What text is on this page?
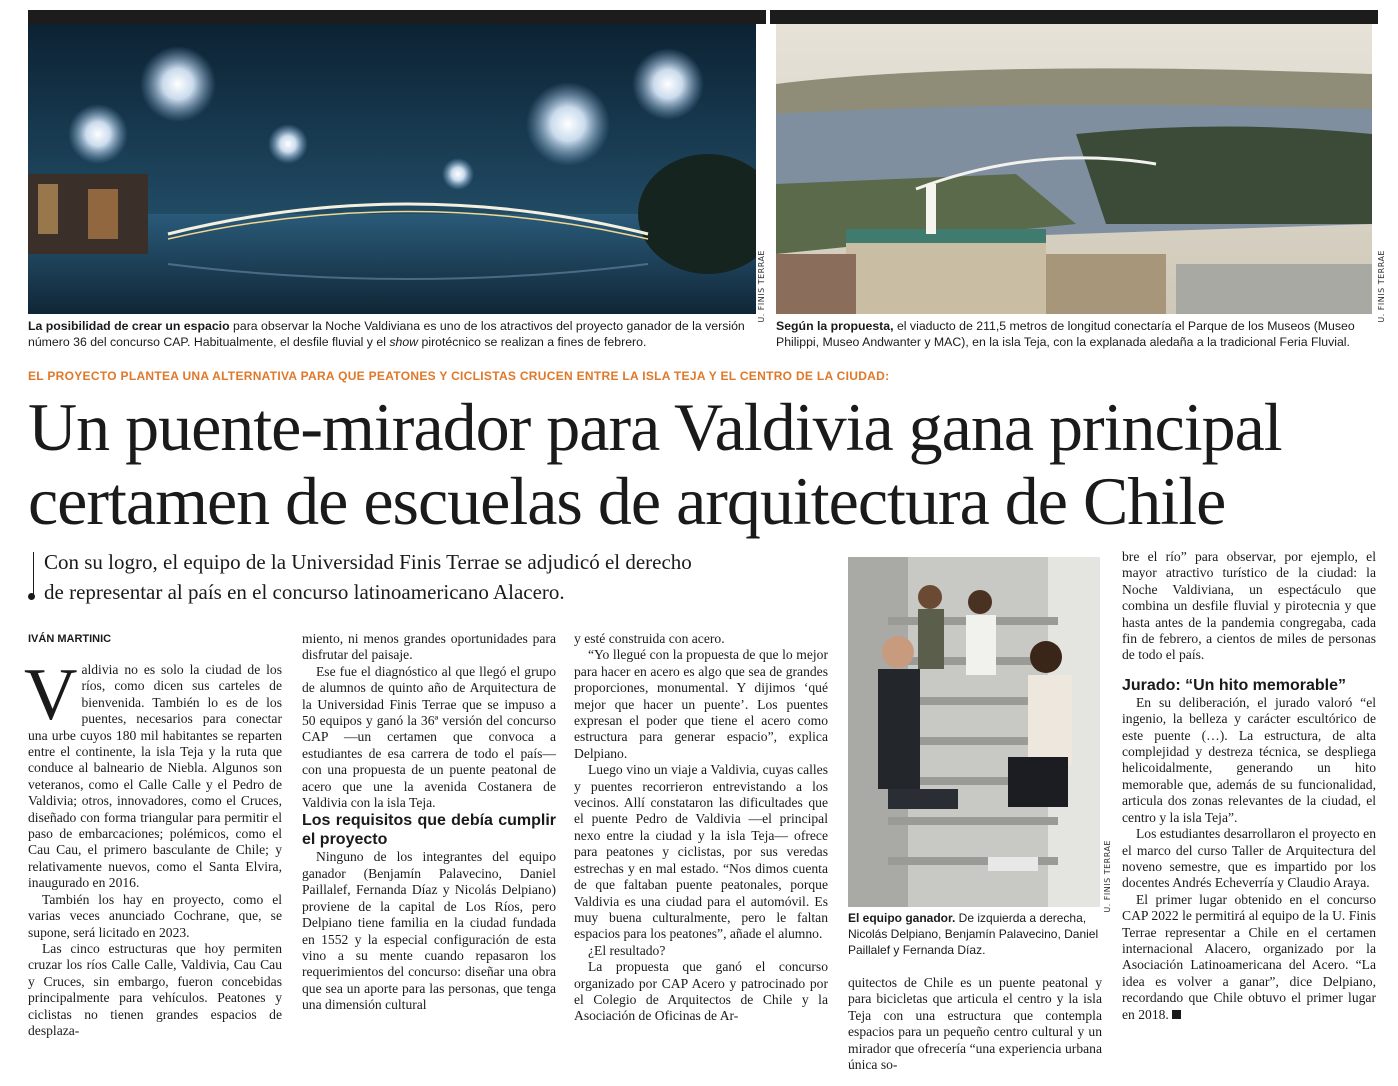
U. FINIS TERRAE	U. FINIS TERRAE
La posibilidad de crear un espacio para observar la Noche Valdiviana es uno de los atractivos del proyecto ganador de la versión número 36 del concurso CAP. Habitualmente, el desfile fluvial y el show pirotécnico se realizan a fines de febrero.
Según la propuesta, el viaducto de 211,5 metros de longitud conectaría el Parque de los Museos (Museo Philippi, Museo Andwanter y MAC), en la isla Teja, con la explanada aledaña a la tradicional Feria Fluvial.
EL PROYECTO PLANTEA UNA ALTERNATIVA PARA QUE PEATONES Y CICLISTAS CRUCEN ENTRE LA ISLA TEJA Y EL CENTRO DE LA CIUDAD:
Un puente-mirador para Valdivia gana principal
certamen de escuelas de arquitectura de Chile
Con su logro, el equipo de la Universidad Finis Terrae se adjudicó el derecho
de representar al país en el concurso latinoamericano Alacero.
IVÁN MARTINIC

Valdivia no es solo la ciudad de los ríos, como dicen sus carteles de bienvenida. También lo es de los puentes, necesarios para conectar una urbe cuyos 180 mil habitantes se reparten entre el continente, la isla Teja y la ruta que conduce al balneario de Niebla. Algunos son veteranos, como el Calle Calle y el Pedro de Valdivia; otros, innovadores, como el Cruces, diseñado con forma triangular para permitir el paso de embarcaciones; polémicos, como el Cau Cau, el primero basculante de Chile; y relativamente nuevos, como el Santa Elvira, inaugurado en 2016.

También los hay en proyecto, como el varias veces anunciado Cochrane, que, se supone, será licitado en 2023.

Las cinco estructuras que hoy permiten cruzar los ríos Calle Calle, Valdivia, Cau Cau y Cruces, sin embargo, fueron concebidas principalmente para vehículos. Peatones y ciclistas no tienen grandes espacios de desplaza-

miento, ni menos grandes oportunidades para disfrutar del paisaje.

Ese fue el diagnóstico al que llegó el grupo de alumnos de quinto año de Arquitectura de la Universidad Finis Terrae que se impuso a 50 equipos y ganó la 36ª versión del concurso CAP —un certamen que convoca a estudiantes de esa carrera de todo el país— con una propuesta de un puente peatonal de acero que une la avenida Costanera de Valdivia con la isla Teja.

Los requisitos que debía cumplir el proyecto

Ninguno de los integrantes del equipo ganador (Benjamín Palavecino, Daniel Paillalef, Fernanda Díaz y Nicolás Delpiano) proviene de la capital de Los Ríos, pero Delpiano tiene familia en la ciudad fundada en 1552 y la especial configuración de esta vino a su mente cuando repasaron los requerimientos del concurso: diseñar una obra que sea un aporte para las personas, que tenga una dimensión cultural

y esté construida con acero.

“Yo llegué con la propuesta de que lo mejor para hacer en acero es algo que sea de grandes proporciones, monumental. Y dijimos ‘qué mejor que hacer un puente’. Los puentes expresan el poder que tiene el acero como estructura para generar espacio”, explica Delpiano.

Luego vino un viaje a Valdivia, cuyas calles y puentes recorrieron entrevistando a los vecinos. Allí constataron las dificultades que el puente Pedro de Valdivia —el principal nexo entre la ciudad y la isla Teja— ofrece para peatones y ciclistas, por sus veredas estrechas y en mal estado. “Nos dimos cuenta de que faltaban puente peatonales, porque Valdivia es una ciudad para el automóvil. Es muy buena culturalmente, pero le faltan espacios para los peatones”, añade el alumno.

¿El resultado?

La propuesta que ganó el concurso organizado por CAP Acero y patrocinado por el Colegio de Arquitectos de Chile y la Asociación de Oficinas de Ar-

U. FINIS TERRAE
El equipo ganador. De izquierda a derecha, Nicolás Delpiano, Benjamín Palavecino, Daniel Paillalef y Fernanda Díaz.

quitectos de Chile es un puente peatonal y para bicicletas que articula el centro y la isla Teja con una estructura que contempla espacios para un pequeño centro cultural y un mirador que ofrecería “una experiencia urbana única so-

bre el río” para observar, por ejemplo, el mayor atractivo turístico de la ciudad: la Noche Valdiviana, un espectáculo que combina un desfile fluvial y pirotecnia y que hasta antes de la pandemia congregaba, cada fin de febrero, a cientos de miles de personas de todo el país.

Jurado: “Un hito memorable”

En su deliberación, el jurado valoró “el ingenio, la belleza y carácter escultórico de este puente (…). La estructura, de alta complejidad y destreza técnica, se despliega helicoidalmente, generando un hito memorable que, además de su funcionalidad, articula dos zonas relevantes de la ciudad, el centro y la isla Teja”.

Los estudiantes desarrollaron el proyecto en el marco del curso Taller de Arquitectura del noveno semestre, que es impartido por los docentes Andrés Echeverría y Claudio Araya.

El primer lugar obtenido en el concurso CAP 2022 le permitirá al equipo de la U. Finis Terrae representar a Chile en el certamen internacional Alacero, organizado por la Asociación Latinoamericana del Acero. “La idea es volver a ganar”, dice Delpiano, recordando que Chile obtuvo el primer lugar en 2018.
